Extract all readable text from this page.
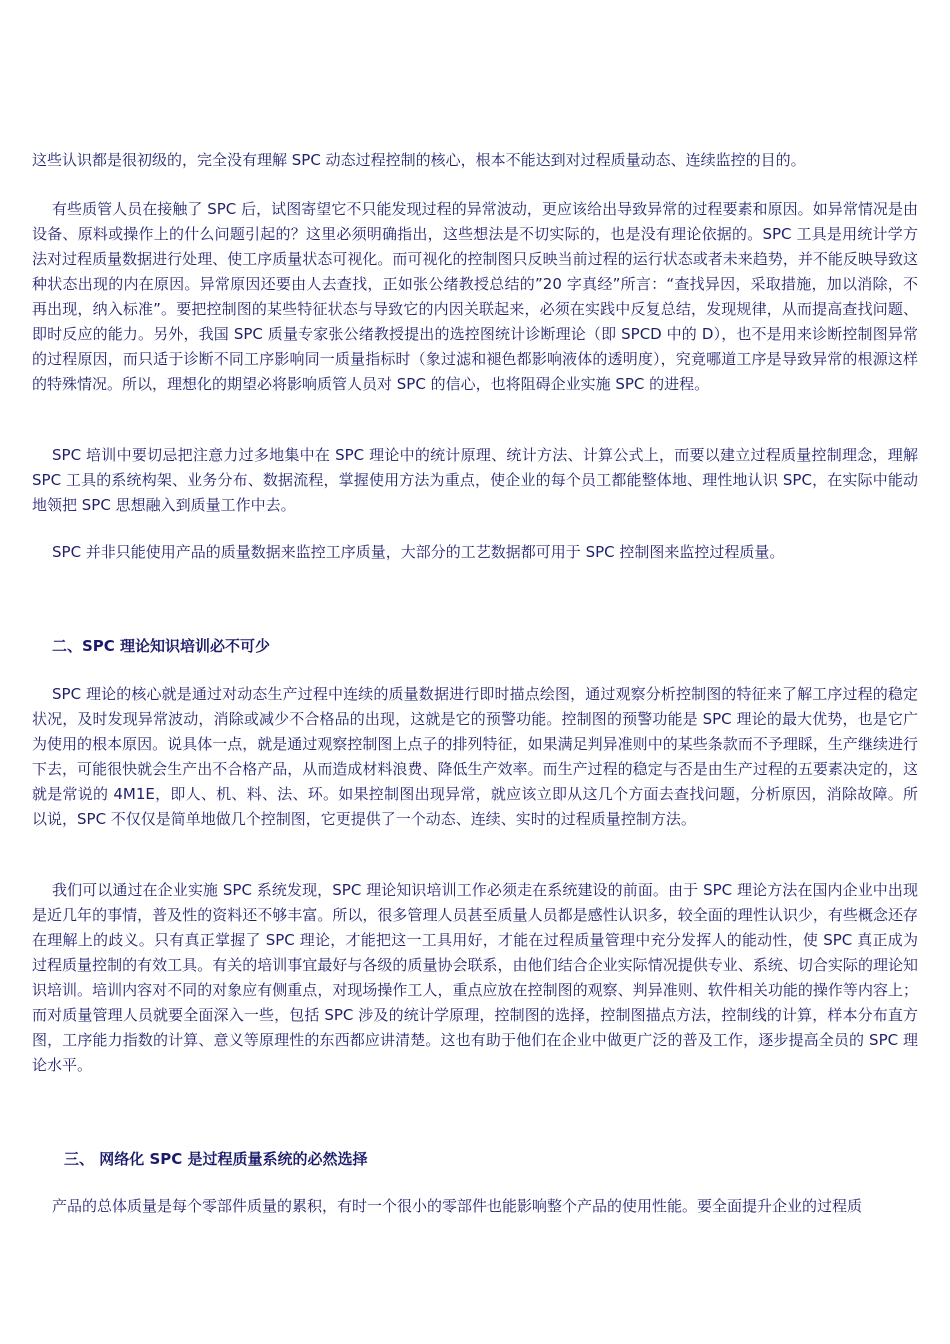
这些认识都是很初级的，完全没有理解 SPC 动态过程控制的核心，根本不能达到对过程质量动态、连续监控的目的。

有些质管人员在接触了 SPC 后，试图寄望它不只能发现过程的异常波动，更应该给出导致异常的过程要素和原因。如异常情况是由设备、原料或操作上的什么问题引起的？这里必须明确指出，这些想法是不切实际的，也是没有理论依据的。SPC 工具是用统计学方法对过程质量数据进行处理、使工序质量状态可视化。而可视化的控制图只反映当前过程的运行状态或者未来趋势，并不能反映导致这种状态出现的内在原因。异常原因还要由人去查找，正如张公绪教授总结的”20 字真经”所言：“查找异因，采取措施，加以消除，不再出现，纳入标准”。要把控制图的某些特征状态与导致它的内因关联起来，必须在实践中反复总结，发现规律，从而提高查找问题、即时反应的能力。另外，我国 SPC 质量专家张公绪教授提出的选控图统计诊断理论（即 SPCD 中的 D），也不是用来诊断控制图异常的过程原因，而只适于诊断不同工序影响同一质量指标时（象过滤和褪色都影响液体的透明度），究竟哪道工序是导致异常的根源这样的特殊情况。所以，理想化的期望必将影响质管人员对 SPC 的信心，也将阻碍企业实施 SPC 的进程。

SPC 培训中要切忌把注意力过多地集中在 SPC 理论中的统计原理、统计方法、计算公式上，而要以建立过程质量控制理念，理解 SPC 工具的系统构架、业务分布、数据流程，掌握使用方法为重点，使企业的每个员工都能整体地、理性地认识 SPC，在实际中能动地领把 SPC 思想融入到质量工作中去。

SPC 并非只能使用产品的质量数据来监控工序质量，大部分的工艺数据都可用于 SPC 控制图来监控过程质量。

二、SPC 理论知识培训必不可少

SPC 理论的核心就是通过对动态生产过程中连续的质量数据进行即时描点绘图，通过观察分析控制图的特征来了解工序过程的稳定状况，及时发现异常波动，消除或减少不合格品的出现，这就是它的预警功能。控制图的预警功能是 SPC 理论的最大优势，也是它广为使用的根本原因。说具体一点，就是通过观察控制图上点子的排列特征，如果满足判异准则中的某些条款而不予理睬，生产继续进行下去，可能很快就会生产出不合格产品，从而造成材料浪费、降低生产效率。而生产过程的稳定与否是由生产过程的五要素决定的，这就是常说的 4M1E，即人、机、料、法、环。如果控制图出现异常，就应该立即从这几个方面去查找问题，分析原因，消除故障。所以说，SPC 不仅仅是简单地做几个控制图，它更提供了一个动态、连续、实时的过程质量控制方法。

我们可以通过在企业实施 SPC 系统发现，SPC 理论知识培训工作必须走在系统建设的前面。由于 SPC 理论方法在国内企业中出现是近几年的事情，普及性的资料还不够丰富。所以，很多管理人员甚至质量人员都是感性认识多，较全面的理性认识少，有些概念还存在理解上的歧义。只有真正掌握了 SPC 理论，才能把这一工具用好，才能在过程质量管理中充分发挥人的能动性，使 SPC 真正成为过程质量控制的有效工具。有关的培训事宜最好与各级的质量协会联系，由他们结合企业实际情况提供专业、系统、切合实际的理论知识培训。培训内容对不同的对象应有侧重点，对现场操作工人，重点应放在控制图的观察、判异准则、软件相关功能的操作等内容上；而对质量管理人员就要全面深入一些，包括 SPC 涉及的统计学原理，控制图的选择，控制图描点方法，控制线的计算，样本分布直方图，工序能力指数的计算、意义等原理性的东西都应讲清楚。这也有助于他们在企业中做更广泛的普及工作，逐步提高全员的 SPC 理论水平。

三、 网络化 SPC 是过程质量系统的必然选择

产品的总体质量是每个零部件质量的累积，有时一个很小的零部件也能影响整个产品的使用性能。要全面提升企业的过程质
